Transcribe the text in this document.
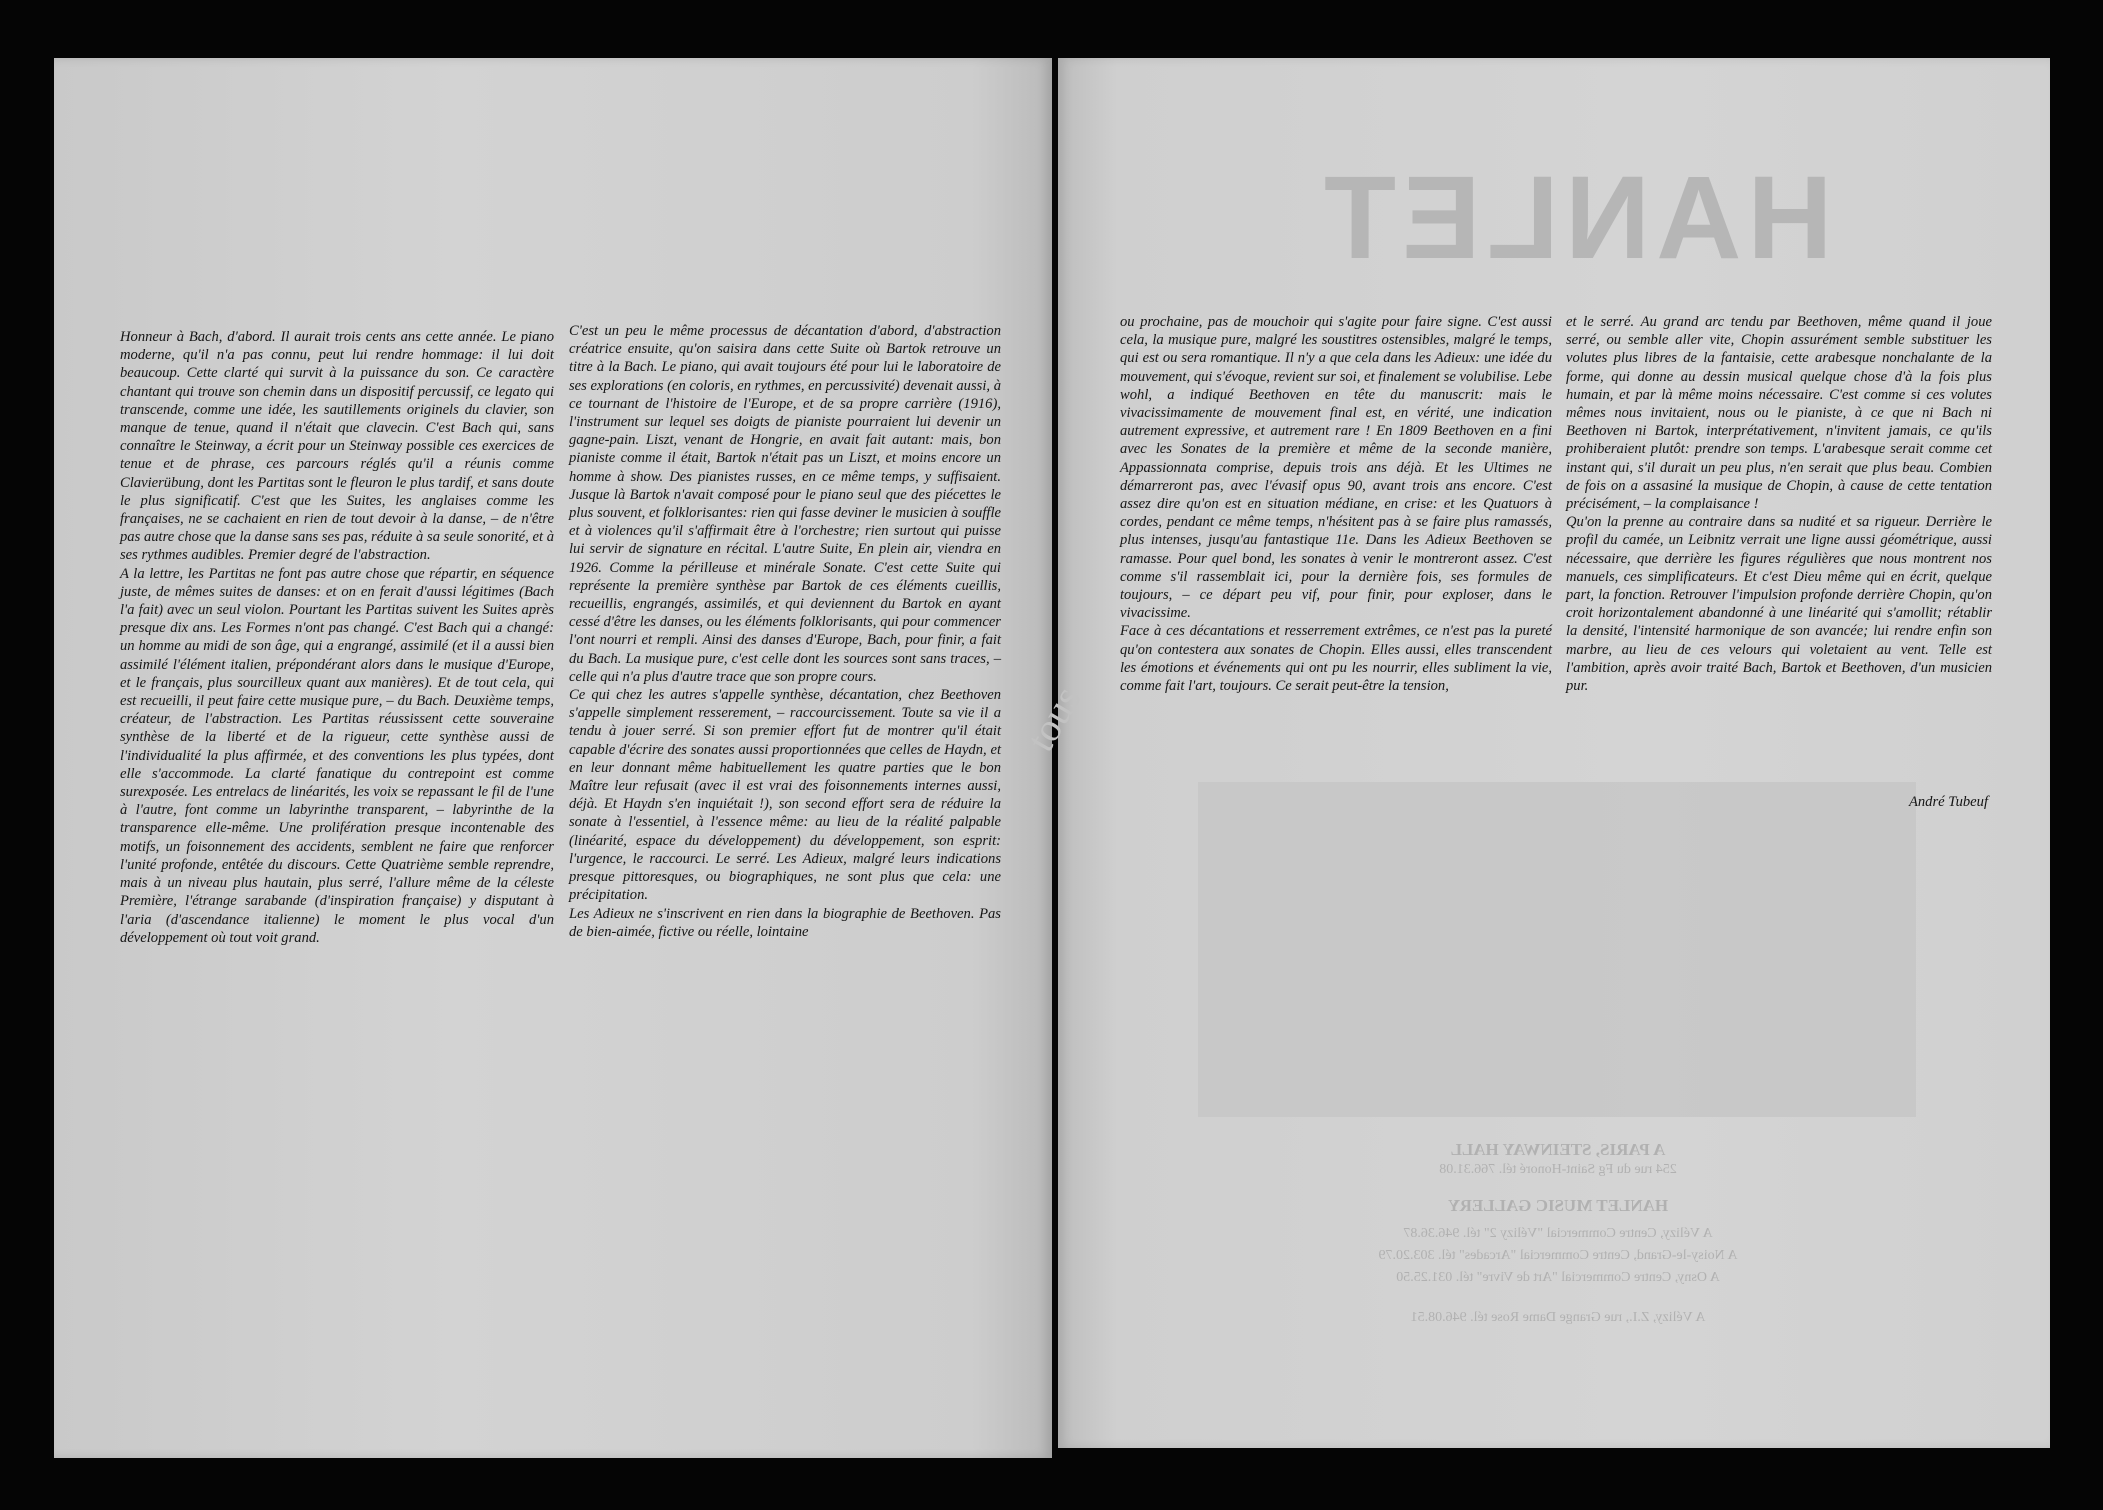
HANLET
tous
A PARIS, STEINWAY HALL
254 rue du Fg Saint-Honoré tél. 766.31.08
HANLET MUSIC GALLERY
A Vélizy, Centre Commercial "Vélizy 2" tél. 946.36.87
A Noisy-le-Grand, Centre Commercial "Arcades" tél. 303.20.79
A Osny, Centre Commercial "Art de Vivre" tél. 031.25.50
A Vélizy, Z.I., rue Grange Dame Rose tél. 946.08.51

Honneur à Bach, d'abord. Il aurait trois cents ans cette année. Le piano moderne, qu'il n'a pas connu, peut lui rendre hommage: il lui doit beaucoup. Cette clarté qui survit à la puissance du son. Ce caractère chantant qui trouve son chemin dans un dispositif percussif, ce legato qui transcende, comme une idée, les sautillements originels du clavier, son manque de tenue, quand il n'était que clavecin. C'est Bach qui, sans connaître le Steinway, a écrit pour un Steinway possible ces exercices de tenue et de phrase, ces parcours réglés qu'il a réunis comme Clavierübung, dont les Partitas sont le fleuron le plus tardif, et sans doute le plus significatif. C'est que les Suites, les anglaises comme les françaises, ne se cachaient en rien de tout devoir à la danse, – de n'être pas autre chose que la danse sans ses pas, réduite à sa seule sonorité, et à ses rythmes audibles. Premier degré de l'abstraction.

A la lettre, les Partitas ne font pas autre chose que répartir, en séquence juste, de mêmes suites de danses: et on en ferait d'aussi légitimes (Bach l'a fait) avec un seul violon. Pourtant les Partitas suivent les Suites après presque dix ans. Les Formes n'ont pas changé. C'est Bach qui a changé: un homme au midi de son âge, qui a engrangé, assimilé (et il a aussi bien assimilé l'élément italien, prépondérant alors dans le musique d'Europe, et le français, plus sourcilleux quant aux manières). Et de tout cela, qui est recueilli, il peut faire cette musique pure, – du Bach. Deuxième temps, créateur, de l'abstraction. Les Partitas réussissent cette souveraine synthèse de la liberté et de la rigueur, cette synthèse aussi de l'individualité la plus affirmée, et des conventions les plus typées, dont elle s'accommode. La clarté fanatique du contrepoint est comme surexposée. Les entrelacs de linéarités, les voix se repassant le fil de l'une à l'autre, font comme un labyrinthe transparent, – labyrinthe de la transparence elle-même. Une prolifération presque incontenable des motifs, un foisonnement des accidents, semblent ne faire que renforcer l'unité profonde, entêtée du discours. Cette Quatrième semble reprendre, mais à un niveau plus hautain, plus serré, l'allure même de la céleste Première, l'étrange sarabande (d'inspiration française) y disputant à l'aria (d'ascendance italienne) le moment le plus vocal d'un développement où tout voit grand.

C'est un peu le même processus de décantation d'abord, d'abstraction créatrice ensuite, qu'on saisira dans cette Suite où Bartok retrouve un titre à la Bach. Le piano, qui avait toujours été pour lui le laboratoire de ses explorations (en coloris, en rythmes, en percussivité) devenait aussi, à ce tournant de l'histoire de l'Europe, et de sa propre carrière (1916), l'instrument sur lequel ses doigts de pianiste pourraient lui devenir un gagne-pain. Liszt, venant de Hongrie, en avait fait autant: mais, bon pianiste comme il était, Bartok n'était pas un Liszt, et moins encore un homme à show. Des pianistes russes, en ce même temps, y suffisaient. Jusque là Bartok n'avait composé pour le piano seul que des piécettes le plus souvent, et folklorisantes: rien qui fasse deviner le musicien à souffle et à violences qu'il s'affirmait être à l'orchestre; rien surtout qui puisse lui servir de signature en récital. L'autre Suite, En plein air, viendra en 1926. Comme la périlleuse et minérale Sonate. C'est cette Suite qui représente la première synthèse par Bartok de ces éléments cueillis, recueillis, engrangés, assimilés, et qui deviennent du Bartok en ayant cessé d'être les danses, ou les éléments folklorisants, qui pour commencer l'ont nourri et rempli. Ainsi des danses d'Europe, Bach, pour finir, a fait du Bach. La musique pure, c'est celle dont les sources sont sans traces, – celle qui n'a plus d'autre trace que son propre cours.

Ce qui chez les autres s'appelle synthèse, décantation, chez Beethoven s'appelle simplement resserement, – raccourcissement. Toute sa vie il a tendu à jouer serré. Si son premier effort fut de montrer qu'il était capable d'écrire des sonates aussi proportionnées que celles de Haydn, et en leur donnant même habituellement les quatre parties que le bon Maître leur refusait (avec il est vrai des foisonnements internes aussi, déjà. Et Haydn s'en inquiétait !), son second effort sera de réduire la sonate à l'essentiel, à l'essence même: au lieu de la réalité palpable (linéarité, espace du développement) du développement, son esprit: l'urgence, le raccourci. Le serré. Les Adieux, malgré leurs indications presque pittoresques, ou biographiques, ne sont plus que cela: une précipitation.

Les Adieux ne s'inscrivent en rien dans la biographie de Beethoven. Pas de bien-aimée, fictive ou réelle, lointaine

ou prochaine, pas de mouchoir qui s'agite pour faire signe. C'est aussi cela, la musique pure, malgré les soustitres ostensibles, malgré le temps, qui est ou sera romantique. Il n'y a que cela dans les Adieux: une idée du mouvement, qui s'évoque, revient sur soi, et finalement se volubilise. Lebe wohl, a indiqué Beethoven en tête du manuscrit: mais le vivacissimamente de mouvement final est, en vérité, une indication autrement expressive, et autrement rare ! En 1809 Beethoven en a fini avec les Sonates de la première et même de la seconde manière, Appassionnata comprise, depuis trois ans déjà. Et les Ultimes ne démarreront pas, avec l'évasif opus 90, avant trois ans encore. C'est assez dire qu'on est en situation médiane, en crise: et les Quatuors à cordes, pendant ce même temps, n'hésitent pas à se faire plus ramassés, plus intenses, jusqu'au fantastique 11e. Dans les Adieux Beethoven se ramasse. Pour quel bond, les sonates à venir le montreront assez. C'est comme s'il rassemblait ici, pour la dernière fois, ses formules de toujours, – ce départ peu vif, pour finir, pour exploser, dans le vivacissime.

Face à ces décantations et resserrement extrêmes, ce n'est pas la pureté qu'on contestera aux sonates de Chopin. Elles aussi, elles transcendent les émotions et événements qui ont pu les nourrir, elles subliment la vie, comme fait l'art, toujours. Ce serait peut-être la tension,

et le serré. Au grand arc tendu par Beethoven, même quand il joue serré, ou semble aller vite, Chopin assurément semble substituer les volutes plus libres de la fantaisie, cette arabesque nonchalante de la forme, qui donne au dessin musical quelque chose d'à la fois plus humain, et par là même moins nécessaire. C'est comme si ces volutes mêmes nous invitaient, nous ou le pianiste, à ce que ni Bach ni Beethoven ni Bartok, interprétativement, n'invitent jamais, ce qu'ils prohiberaient plutôt: prendre son temps. L'arabesque serait comme cet instant qui, s'il durait un peu plus, n'en serait que plus beau. Combien de fois on a assasiné la musique de Chopin, à cause de cette tentation précisément, – la complaisance !

Qu'on la prenne au contraire dans sa nudité et sa rigueur. Derrière le profil du camée, un Leibnitz verrait une ligne aussi géométrique, aussi nécessaire, que derrière les figures régulières que nous montrent nos manuels, ces simplificateurs. Et c'est Dieu même qui en écrit, quelque part, la fonction. Retrouver l'impulsion profonde derrière Chopin, qu'on croit horizontalement abandonné à une linéarité qui s'amollit; rétablir la densité, l'intensité harmonique de son avancée; lui rendre enfin son marbre, au lieu de ces velours qui voletaient au vent. Telle est l'ambition, après avoir traité Bach, Bartok et Beethoven, d'un musicien pur.

André Tubeuf
